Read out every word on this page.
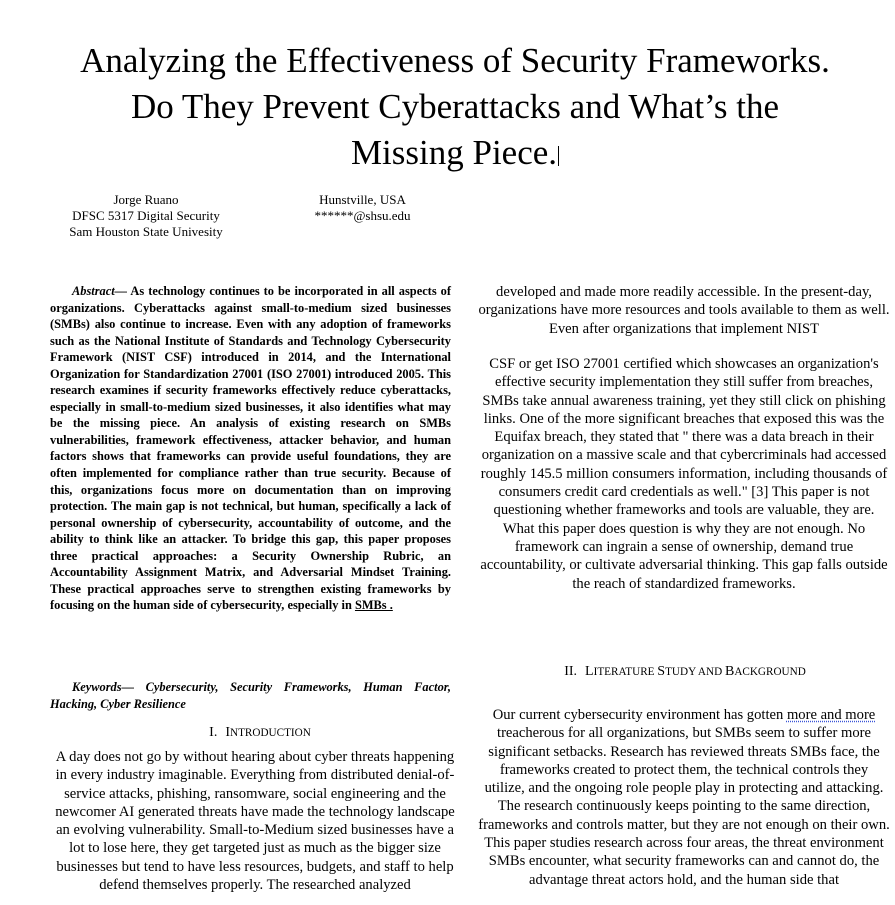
Analyzing the Effectiveness of Security Frameworks.
Do They Prevent Cyberattacks and What’s the
Missing Piece.
Jorge Ruano
DFSC 5317 Digital Security
Sam Houston State Univesity
Hunstville, USA
******@shsu.edu
Abstract— As technology continues to be incorporated in all aspects of organizations. Cyberattacks against small-to-medium sized businesses (SMBs) also continue to increase. Even with any adoption of frameworks such as the National Institute of Standards and Technology Cybersecurity Framework (NIST CSF) introduced in 2014, and the International Organization for Standardization 27001 (ISO 27001) introduced 2005. This research examines if security frameworks effectively reduce cyberattacks, especially in small-to-medium sized businesses, it also identifies what may be the missing piece. An analysis of existing research on SMBs vulnerabilities, framework effectiveness, attacker behavior, and human factors shows that frameworks can provide useful foundations, they are often implemented for compliance rather than true security. Because of this, organizations focus more on documentation than on improving protection. The main gap is not technical, but human, specifically a lack of personal ownership of cybersecurity, accountability of outcome, and the ability to think like an attacker. To bridge this gap, this paper proposes three practical approaches: a Security Ownership Rubric, an Accountability Assignment Matrix, and Adversarial Mindset Training. These practical approaches serve to strengthen existing frameworks by focusing on the human side of cybersecurity, especially in SMBs .
Keywords— Cybersecurity, Security Frameworks, Human Factor, Hacking, Cyber Resilience
I. INTRODUCTION
A day does not go by without hearing about cyber threats happening in every industry imaginable. Everything from distributed denial-of-service attacks, phishing, ransomware, social engineering and the newcomer AI generated threats have made the technology landscape an evolving vulnerability. Small-to-Medium sized businesses have a lot to lose here, they get targeted just as much as the bigger size businesses but tend to have less resources, budgets, and staff to help defend themselves properly. The researched analyzed
developed and made more readily accessible. In the present-day, organizations have more resources and tools available to them as well. Even after organizations that implement NIST
CSF or get ISO 27001 certified which showcases an organization's effective security implementation they still suffer from breaches, SMBs take annual awareness training, yet they still click on phishing links. One of the more significant breaches that exposed this was the Equifax breach, they stated that " there was a data breach in their organization on a massive scale and that cybercriminals had accessed roughly 145.5 million consumers information, including thousands of consumers credit card credentials as well." [3] This paper is not questioning whether frameworks and tools are valuable, they are. What this paper does question is why they are not enough. No framework can ingrain a sense of ownership, demand true accountability, or cultivate adversarial thinking. This gap falls outside the reach of standardized frameworks.
II. LITERATURE STUDY AND BACKGROUND
Our current cybersecurity environment has gotten more and more treacherous for all organizations, but SMBs seem to suffer more significant setbacks. Research has reviewed threats SMBs face, the frameworks created to protect them, the technical controls they utilize, and the ongoing role people play in protecting and attacking. The research continuously keeps pointing to the same direction, frameworks and controls matter, but they are not enough on their own. This paper studies research across four areas, the threat environment SMBs encounter, what security frameworks can and cannot do, the advantage threat actors hold, and the human side that
